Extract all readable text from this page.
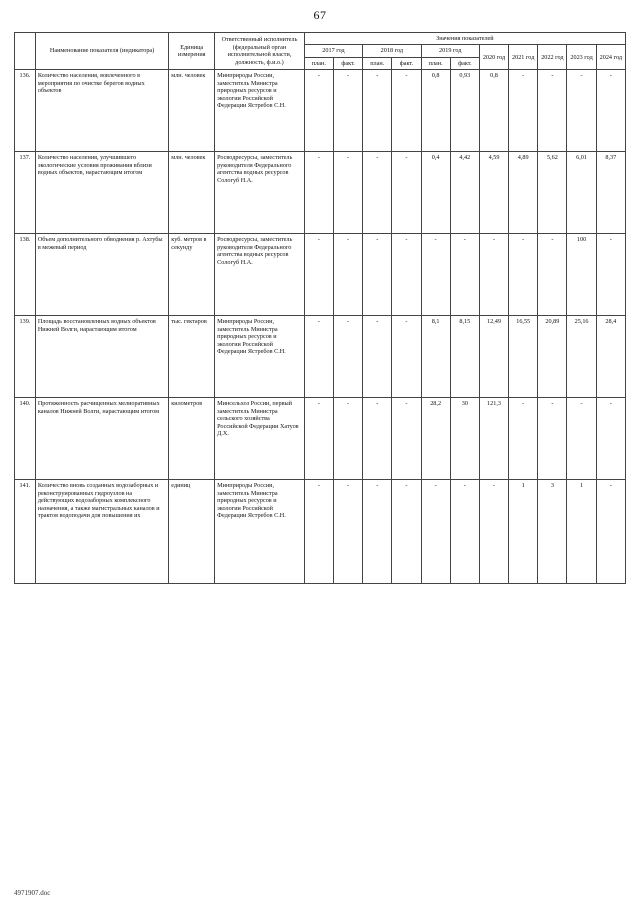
67
	Наименование показателя (индикатора)	Единица измерения	Ответственный исполнитель (федеральный орган исполнительной власти, должность, ф.и.о.)	Значения показателей										
				2017 год		2018 год		2019 год		2020 год	2021 год	2022 год	2023 год	2024 год
				план.	факт.	план.	факт.	план.	факт.					
136.	Количество населения, вовлеченного в мероприятия по очистке берегов водных объектов	млн. человек	Минприроды России, заместитель Министра природных ресурсов и экологии Российской Федерации Ястребов С.Н.	-	-	-	-	0,8	0,93	0,8	-	-	-	-
137.	Количество населения, улучшившего экологические условия проживания вблизи водных объектов, нарастающим итогом	млн. человек	Росводресурсы, заместитель руководителя Федерального агентства водных ресурсов Сологуб Н.А.	-	-	-	-	0,4	4,42	4,59	4,89	5,62	6,01	8,37
138.	Объем дополнительного обводнения р. Ахтубы в межевый период	куб. метров в секунду	Росводресурсы, заместитель руководителя Федерального агентства водных ресурсов Сологуб Н.А.	-	-	-	-	-	-	-	-	-	100	-
139.	Площадь восстановленных водных объектов Нижней Волги, нарастающим итогом	тыс. гектаров	Минприроды России, заместитель Министра природных ресурсов и экологии Российской Федерации Ястребов С.Н.	-	-	-	-	8,1	8,15	12,49	16,55	20,89	25,16	28,4
140.	Протяженность расчищенных мелиоративных каналов Нижней Волги, нарастающим итогом	километров	Минсельхоз России, первый заместитель Министра сельского хозяйства Российской Федерации Хатуов Д.Х.	-	-	-	-	28,2	30	121,3	-	-	-	-
141.	Количество вновь созданных водозаборных и реконструированных гидроузлов на действующих водозаборных комплексного назначения, а также магистральных каналов и трактов водоподачи для повышения их	единиц	Минприроды России, заместитель Министра природных ресурсов и экологии Российской Федерации Ястребов С.Н.	-	-	-	-	-	-	-	1	3	1	-
4971907.doc
